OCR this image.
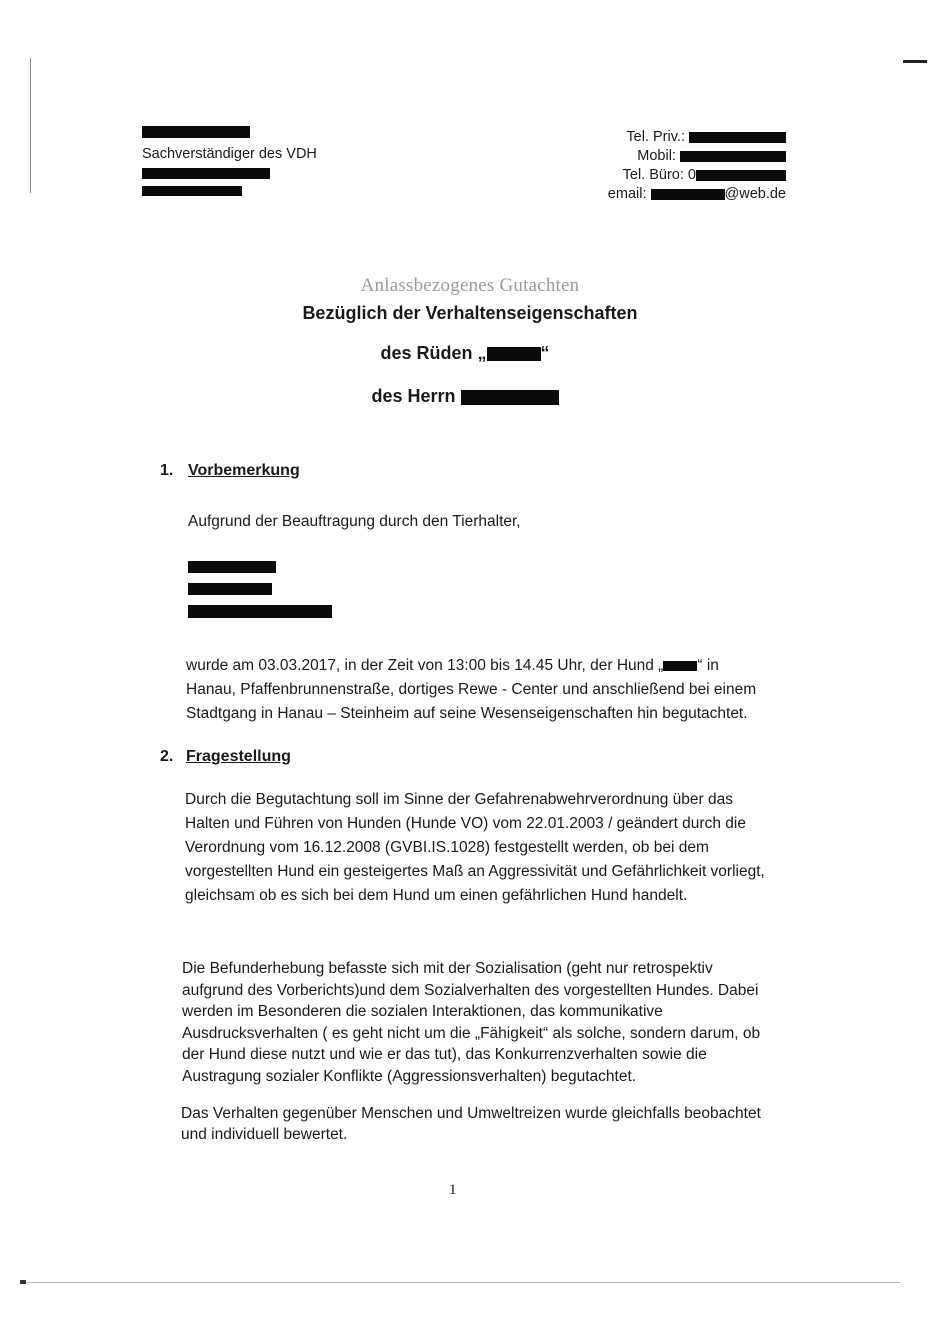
Sachverständiger des VDH
Tel. Priv.:
Mobil:
Tel. Büro: 0
email:	@web.de
Anlassbezogenes Gutachten
Bezüglich der Verhaltenseigenschaften
des Rüden „	“
des Herrn
1. Vorbemerkung
Aufgrund der Beauftragung durch den Tierhalter,

wurde am 03.03.2017, in der Zeit von 13:00 bis 14.45 Uhr, der Hund „ “ in

Hanau, Pfaffenbrunnenstraße, dortiges Rewe - Center und anschließend bei einem

Stadtgang in Hanau – Steinheim auf seine Wesenseigenschaften hin begutachtet.

2. Fragestellung

Durch die Begutachtung soll im Sinne der Gefahrenabwehrverordnung über das

Halten und Führen von Hunden (Hunde VO) vom 22.01.2003 / geändert durch die

Verordnung vom 16.12.2008 (GVBI.IS.1028) festgestellt werden, ob bei dem

vorgestellten Hund ein gesteigertes Maß an Aggressivität und Gefährlichkeit vorliegt,

gleichsam ob es sich bei dem Hund um einen gefährlichen Hund handelt.

Die Befunderhebung befasste sich mit der Sozialisation (geht nur retrospektiv

aufgrund des Vorberichts)und dem Sozialverhalten des vorgestellten Hundes. Dabei

werden im Besonderen die sozialen Interaktionen, das kommunikative

Ausdrucksverhalten ( es geht nicht um die „Fähigkeit“ als solche, sondern darum, ob

der Hund diese nutzt und wie er das tut), das Konkurrenzverhalten sowie die

Austragung sozialer Konflikte (Aggressionsverhalten) begutachtet.

Das Verhalten gegenüber Menschen und Umweltreizen wurde gleichfalls beobachtet

und individuell bewertet.

1
